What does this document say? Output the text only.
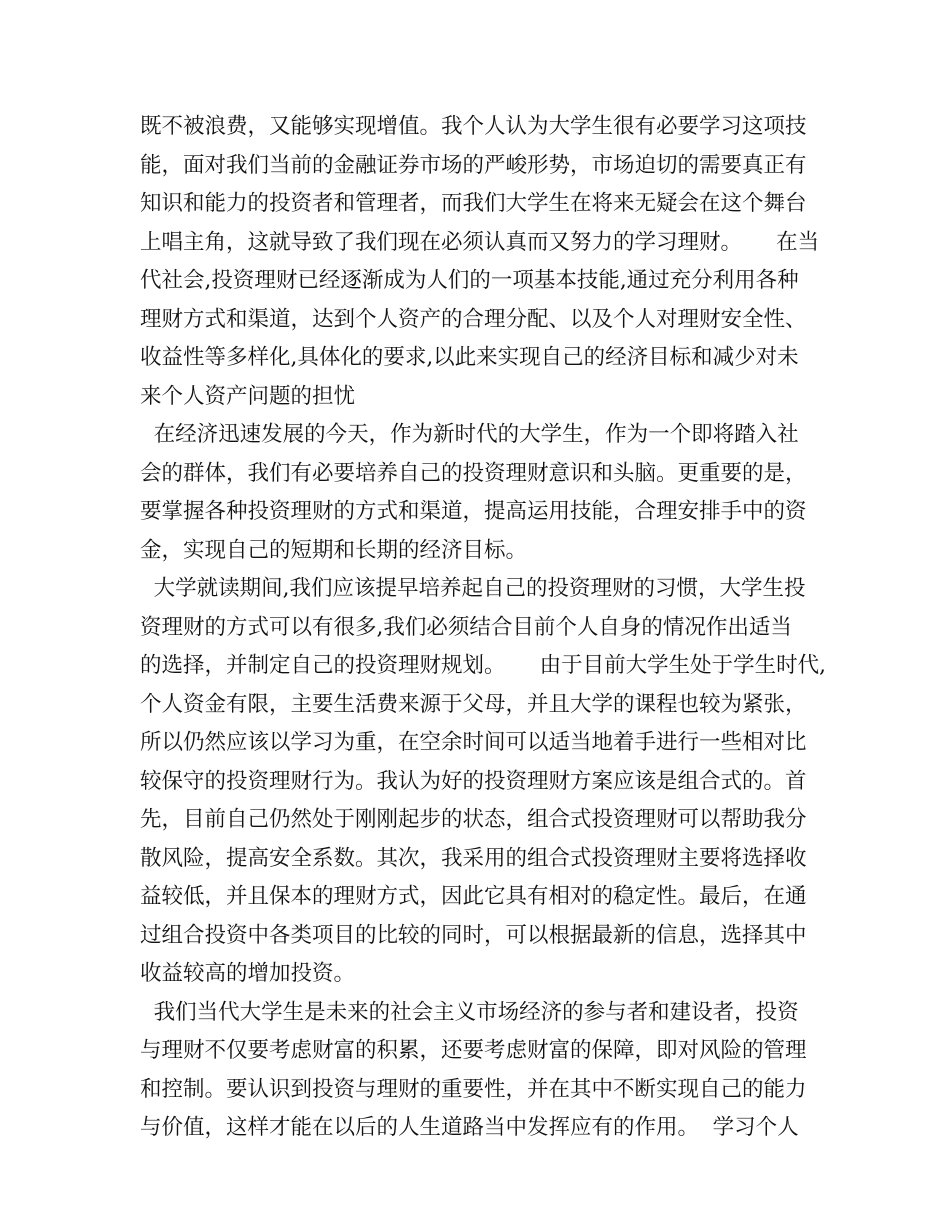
既不被浪费，又能够实现增值。我个人认为大学生很有必要学习这项技
能，面对我们当前的金融证券市场的严峻形势，市场迫切的需要真正有
知识和能力的投资者和管理者，而我们大学生在将来无疑会在这个舞台
上唱主角，这就导致了我们现在必须认真而又努力的学习理财。     在当
代社会,投资理财已经逐渐成为人们的一项基本技能,通过充分利用各种
理财方式和渠道，达到个人资产的合理分配、以及个人对理财安全性、
收益性等多样化,具体化的要求,以此来实现自己的经济目标和减少对未
来个人资产问题的担忧
在经济迅速发展的今天，作为新时代的大学生，作为一个即将踏入社
会的群体，我们有必要培养自己的投资理财意识和头脑。更重要的是，
要掌握各种投资理财的方式和渠道，提高运用技能，合理安排手中的资
金，实现自己的短期和长期的经济目标。
大学就读期间,我们应该提早培养起自己的投资理财的习惯，大学生投
资理财的方式可以有很多,我们必须结合目前个人自身的情况作出适当
的选择，并制定自己的投资理财规划。     由于目前大学生处于学生时代,
个人资金有限，主要生活费来源于父母，并且大学的课程也较为紧张，
所以仍然应该以学习为重，在空余时间可以适当地着手进行一些相对比
较保守的投资理财行为。我认为好的投资理财方案应该是组合式的。首
先，目前自己仍然处于刚刚起步的状态，组合式投资理财可以帮助我分
散风险，提高安全系数。其次，我采用的组合式投资理财主要将选择收
益较低，并且保本的理财方式，因此它具有相对的稳定性。最后，在通
过组合投资中各类项目的比较的同时，可以根据最新的信息，选择其中
收益较高的增加投资。
我们当代大学生是未来的社会主义市场经济的参与者和建设者，投资
与理财不仅要考虑财富的积累，还要考虑财富的保障，即对风险的管理
和控制。要认识到投资与理财的重要性，并在其中不断实现自己的能力
与价值，这样才能在以后的人生道路当中发挥应有的作用。  学习个人
